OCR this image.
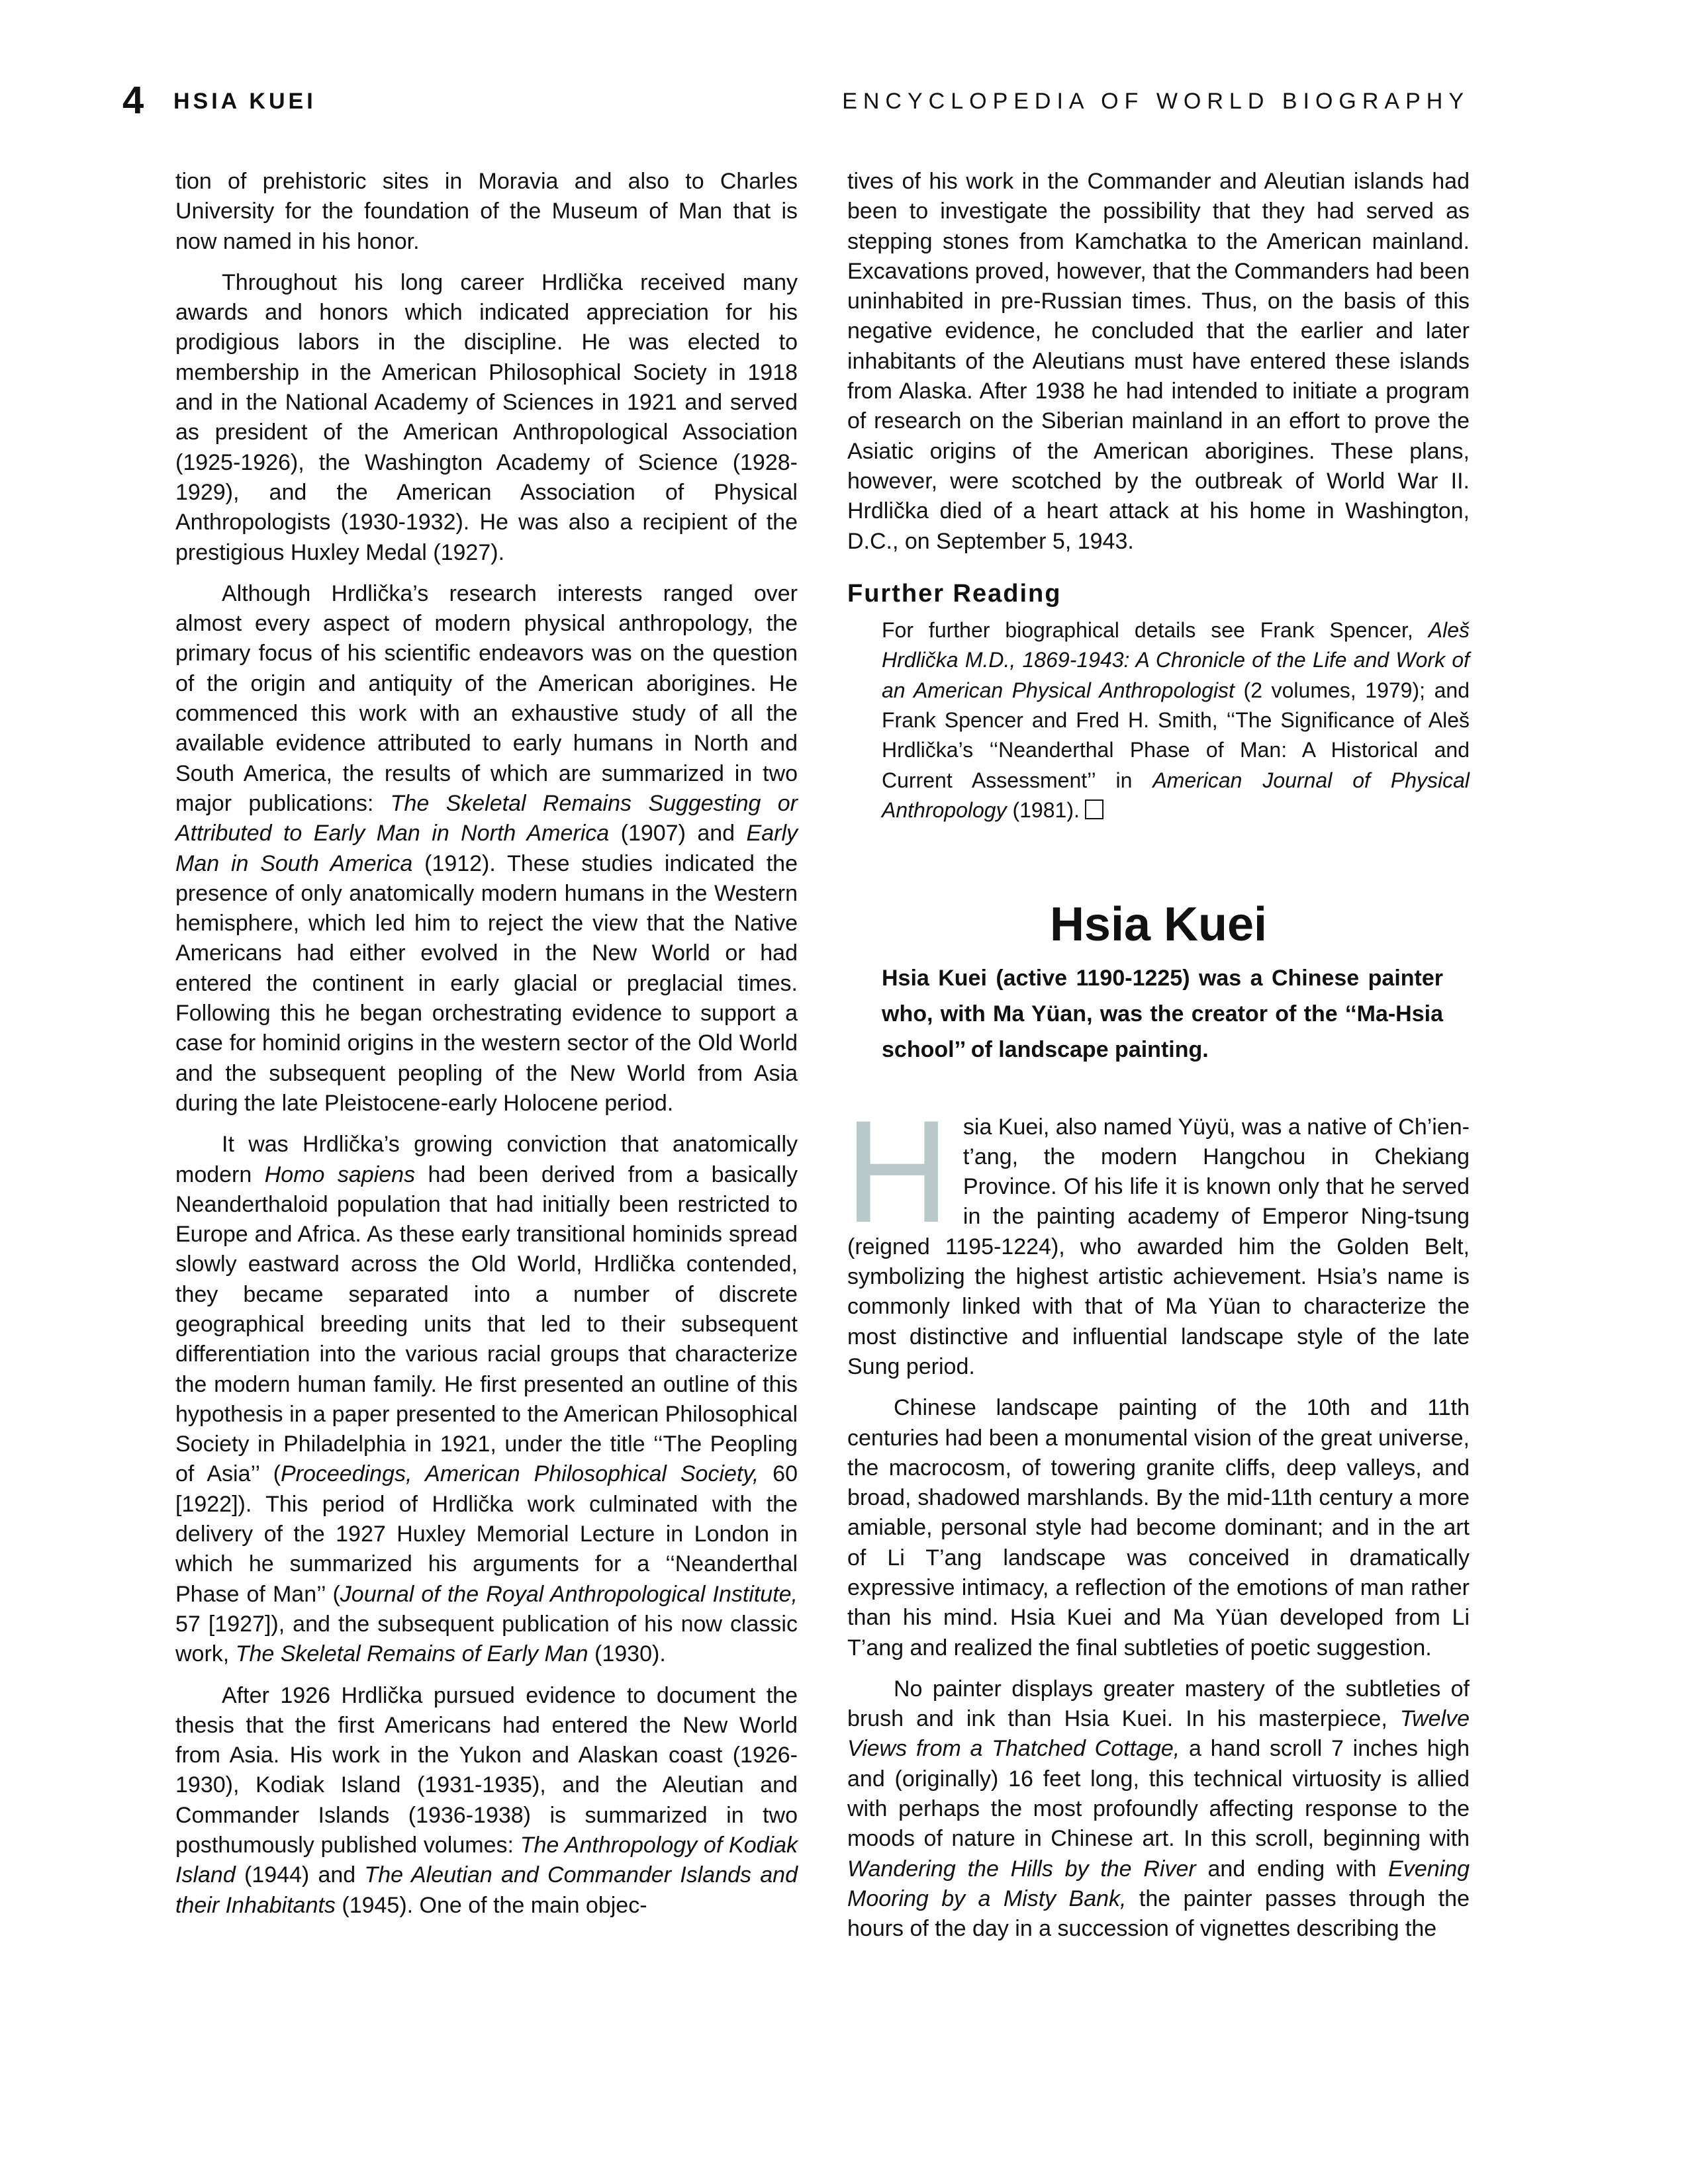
4 HSIA KUEI	ENCYCLOPEDIA OF WORLD BIOGRAPHY

tion of prehistoric sites in Moravia and also to Charles University for the foundation of the Museum of Man that is now named in his honor.

Throughout his long career Hrdlička received many awards and honors which indicated appreciation for his prodigious labors in the discipline. He was elected to membership in the American Philosophical Society in 1918 and in the National Academy of Sciences in 1921 and served as president of the American Anthropological Association (1925-1926), the Washington Academy of Science (1928-1929), and the American Association of Physical Anthropologists (1930-1932). He was also a recipient of the prestigious Huxley Medal (1927).

Although Hrdlička’s research interests ranged over almost every aspect of modern physical anthropology, the primary focus of his scientific endeavors was on the question of the origin and antiquity of the American aborigines. He commenced this work with an exhaustive study of all the available evidence attributed to early humans in North and South America, the results of which are summarized in two major publications: The Skeletal Remains Suggesting or Attributed to Early Man in North America (1907) and Early Man in South America (1912). These studies indicated the presence of only anatomically modern humans in the Western hemisphere, which led him to reject the view that the Native Americans had either evolved in the New World or had entered the continent in early glacial or preglacial times. Following this he began orchestrating evidence to support a case for hominid origins in the western sector of the Old World and the subsequent peopling of the New World from Asia during the late Pleistocene-early Holocene period.

It was Hrdlička’s growing conviction that anatomically modern Homo sapiens had been derived from a basically Neanderthaloid population that had initially been restricted to Europe and Africa. As these early transitional hominids spread slowly eastward across the Old World, Hrdlička contended, they became separated into a number of discrete geographical breeding units that led to their subsequent differentiation into the various racial groups that characterize the modern human family. He first presented an outline of this hypothesis in a paper presented to the American Philosophical Society in Philadelphia in 1921, under the title ‘‘The Peopling of Asia’’ (Proceedings, American Philosophical Society, 60 [1922]). This period of Hrdlička work culminated with the delivery of the 1927 Huxley Memorial Lecture in London in which he summarized his arguments for a ‘‘Neanderthal Phase of Man’’ (Journal of the Royal Anthropological Institute, 57 [1927]), and the subsequent publication of his now classic work, The Skeletal Remains of Early Man (1930).

After 1926 Hrdlička pursued evidence to document the thesis that the first Americans had entered the New World from Asia. His work in the Yukon and Alaskan coast (1926-1930), Kodiak Island (1931-1935), and the Aleutian and Commander Islands (1936-1938) is summarized in two posthumously published volumes: The Anthropology of Kodiak Island (1944) and The Aleutian and Commander Islands and their Inhabitants (1945). One of the main objec-

tives of his work in the Commander and Aleutian islands had been to investigate the possibility that they had served as stepping stones from Kamchatka to the American mainland. Excavations proved, however, that the Commanders had been uninhabited in pre-Russian times. Thus, on the basis of this negative evidence, he concluded that the earlier and later inhabitants of the Aleutians must have entered these islands from Alaska. After 1938 he had intended to initiate a program of research on the Siberian mainland in an effort to prove the Asiatic origins of the American aborigines. These plans, however, were scotched by the outbreak of World War II. Hrdlička died of a heart attack at his home in Washington, D.C., on September 5, 1943.

Further Reading

For further biographical details see Frank Spencer, Aleš Hrdlička M.D., 1869-1943: A Chronicle of the Life and Work of an American Physical Anthropologist (2 volumes, 1979); and Frank Spencer and Fred H. Smith, ‘‘The Significance of Aleš Hrdlička’s ‘‘Neanderthal Phase of Man: A Historical and Current Assessment’’ in American Journal of Physical Anthropology (1981).

Hsia Kuei
Hsia Kuei (active 1190-1225) was a Chinese painter who, with Ma Yüan, was the creator of the ‘‘Ma-Hsia school’’ of landscape painting.
H sia Kuei, also named Yüyü, was a native of Ch’ien-t’ang, the modern Hangchou in Chekiang Province. Of his life it is known only that he served in the painting academy of Emperor Ning-tsung (reigned 1195-1224), who awarded him the Golden Belt, symbolizing the highest artistic achievement. Hsia’s name is commonly linked with that of Ma Yüan to characterize the most distinctive and influential landscape style of the late Sung period.

Chinese landscape painting of the 10th and 11th centuries had been a monumental vision of the great universe, the macrocosm, of towering granite cliffs, deep valleys, and broad, shadowed marshlands. By the mid-11th century a more amiable, personal style had become dominant; and in the art of Li T’ang landscape was conceived in dramatically expressive intimacy, a reflection of the emotions of man rather than his mind. Hsia Kuei and Ma Yüan developed from Li T’ang and realized the final subtleties of poetic suggestion.

No painter displays greater mastery of the subtleties of brush and ink than Hsia Kuei. In his masterpiece, Twelve Views from a Thatched Cottage, a hand scroll 7 inches high and (originally) 16 feet long, this technical virtuosity is allied with perhaps the most profoundly affecting response to the moods of nature in Chinese art. In this scroll, beginning with Wandering the Hills by the River and ending with Evening Mooring by a Misty Bank, the painter passes through the hours of the day in a succession of vignettes describing the
